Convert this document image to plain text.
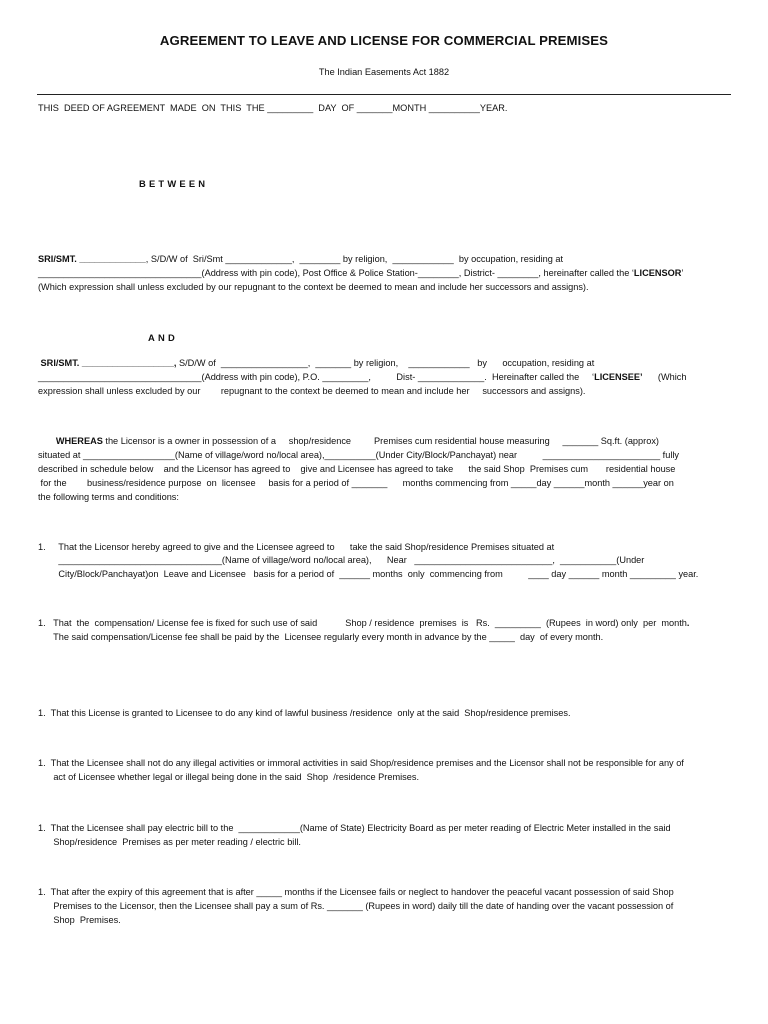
AGREEMENT TO LEAVE AND LICENSE FOR COMMERCIAL PREMISES
The Indian Easements Act 1882
THIS  DEED OF AGREEMENT  MADE  ON  THIS  THE _________  DAY  OF _______MONTH __________YEAR.
BETWEEN
SRI/SMT. _____________, S/D/W of  Sri/Smt _____________,  ________ by religion,  ____________  by occupation, residing at
________________________________(Address with pin code), Post Office & Police Station-________, District- ________, hereinafter called the ‘LICENSOR’
(Which expression shall unless excluded by our repugnant to the context be deemed to mean and include her successors and assigns).
AND
SRI/SMT. __________________, S/D/W of  _________________,  _______ by religion,    ____________   by      occupation, residing at
________________________________(Address with pin code), P.O. _________,          Dist- _____________.  Hereinafter called the     ‘LICENSEE’      (Which
expression shall unless excluded by our        repugnant to the context be deemed to mean and include her     successors and assigns).
WHEREAS the Licensor is a owner in possession of a     shop/residence         Premises cum residential house measuring     _______ Sq.ft. (approx)
situated at __________________(Name of village/word no/local area),__________(Under City/Block/Panchayat) near          _______________________ fully
described in schedule below    and the Licensor has agreed to    give and Licensee has agreed to take      the said Shop  Premises cum       residential house
for the        business/residence purpose  on  licensee     basis for a period of _______      months commencing from _____day ______month ______year on
the following terms and conditions:
1.     That the Licensor hereby agreed to give and the Licensee agreed to      take the said Shop/residence Premises situated at
________________________________(Name of village/word no/local area),      Near   ___________________________,  ___________(Under
City/Block/Panchayat)on  Leave and Licensee   basis for a period of  ______ months  only  commencing from          ____ day ______ month _________ year.
1.   That  the  compensation/ License fee is fixed for such use of said           Shop / residence  premises  is   Rs.  _________  (Rupees  in word) only  per  month.
The said compensation/License fee shall be paid by the  Licensee regularly every month in advance by the _____  day  of every month.
1.  That this License is granted to Licensee to do any kind of lawful business /residence  only at the said  Shop/residence premises.
1.  That the Licensee shall not do any illegal activities or immoral activities in said Shop/residence premises and the Licensor shall not be responsible for any of
act of Licensee whether legal or illegal being done in the said  Shop  /residence Premises.
1.  That the Licensee shall pay electric bill to the  ____________(Name of State) Electricity Board as per meter reading of Electric Meter installed in the said
Shop/residence  Premises as per meter reading / electric bill.
1.  That after the expiry of this agreement that is after _____ months if the Licensee fails or neglect to handover the peaceful vacant possession of said Shop
Premises to the Licensor, then the Licensee shall pay a sum of Rs. _______ (Rupees in word) daily till the date of handing over the vacant possession of
Shop  Premises.
